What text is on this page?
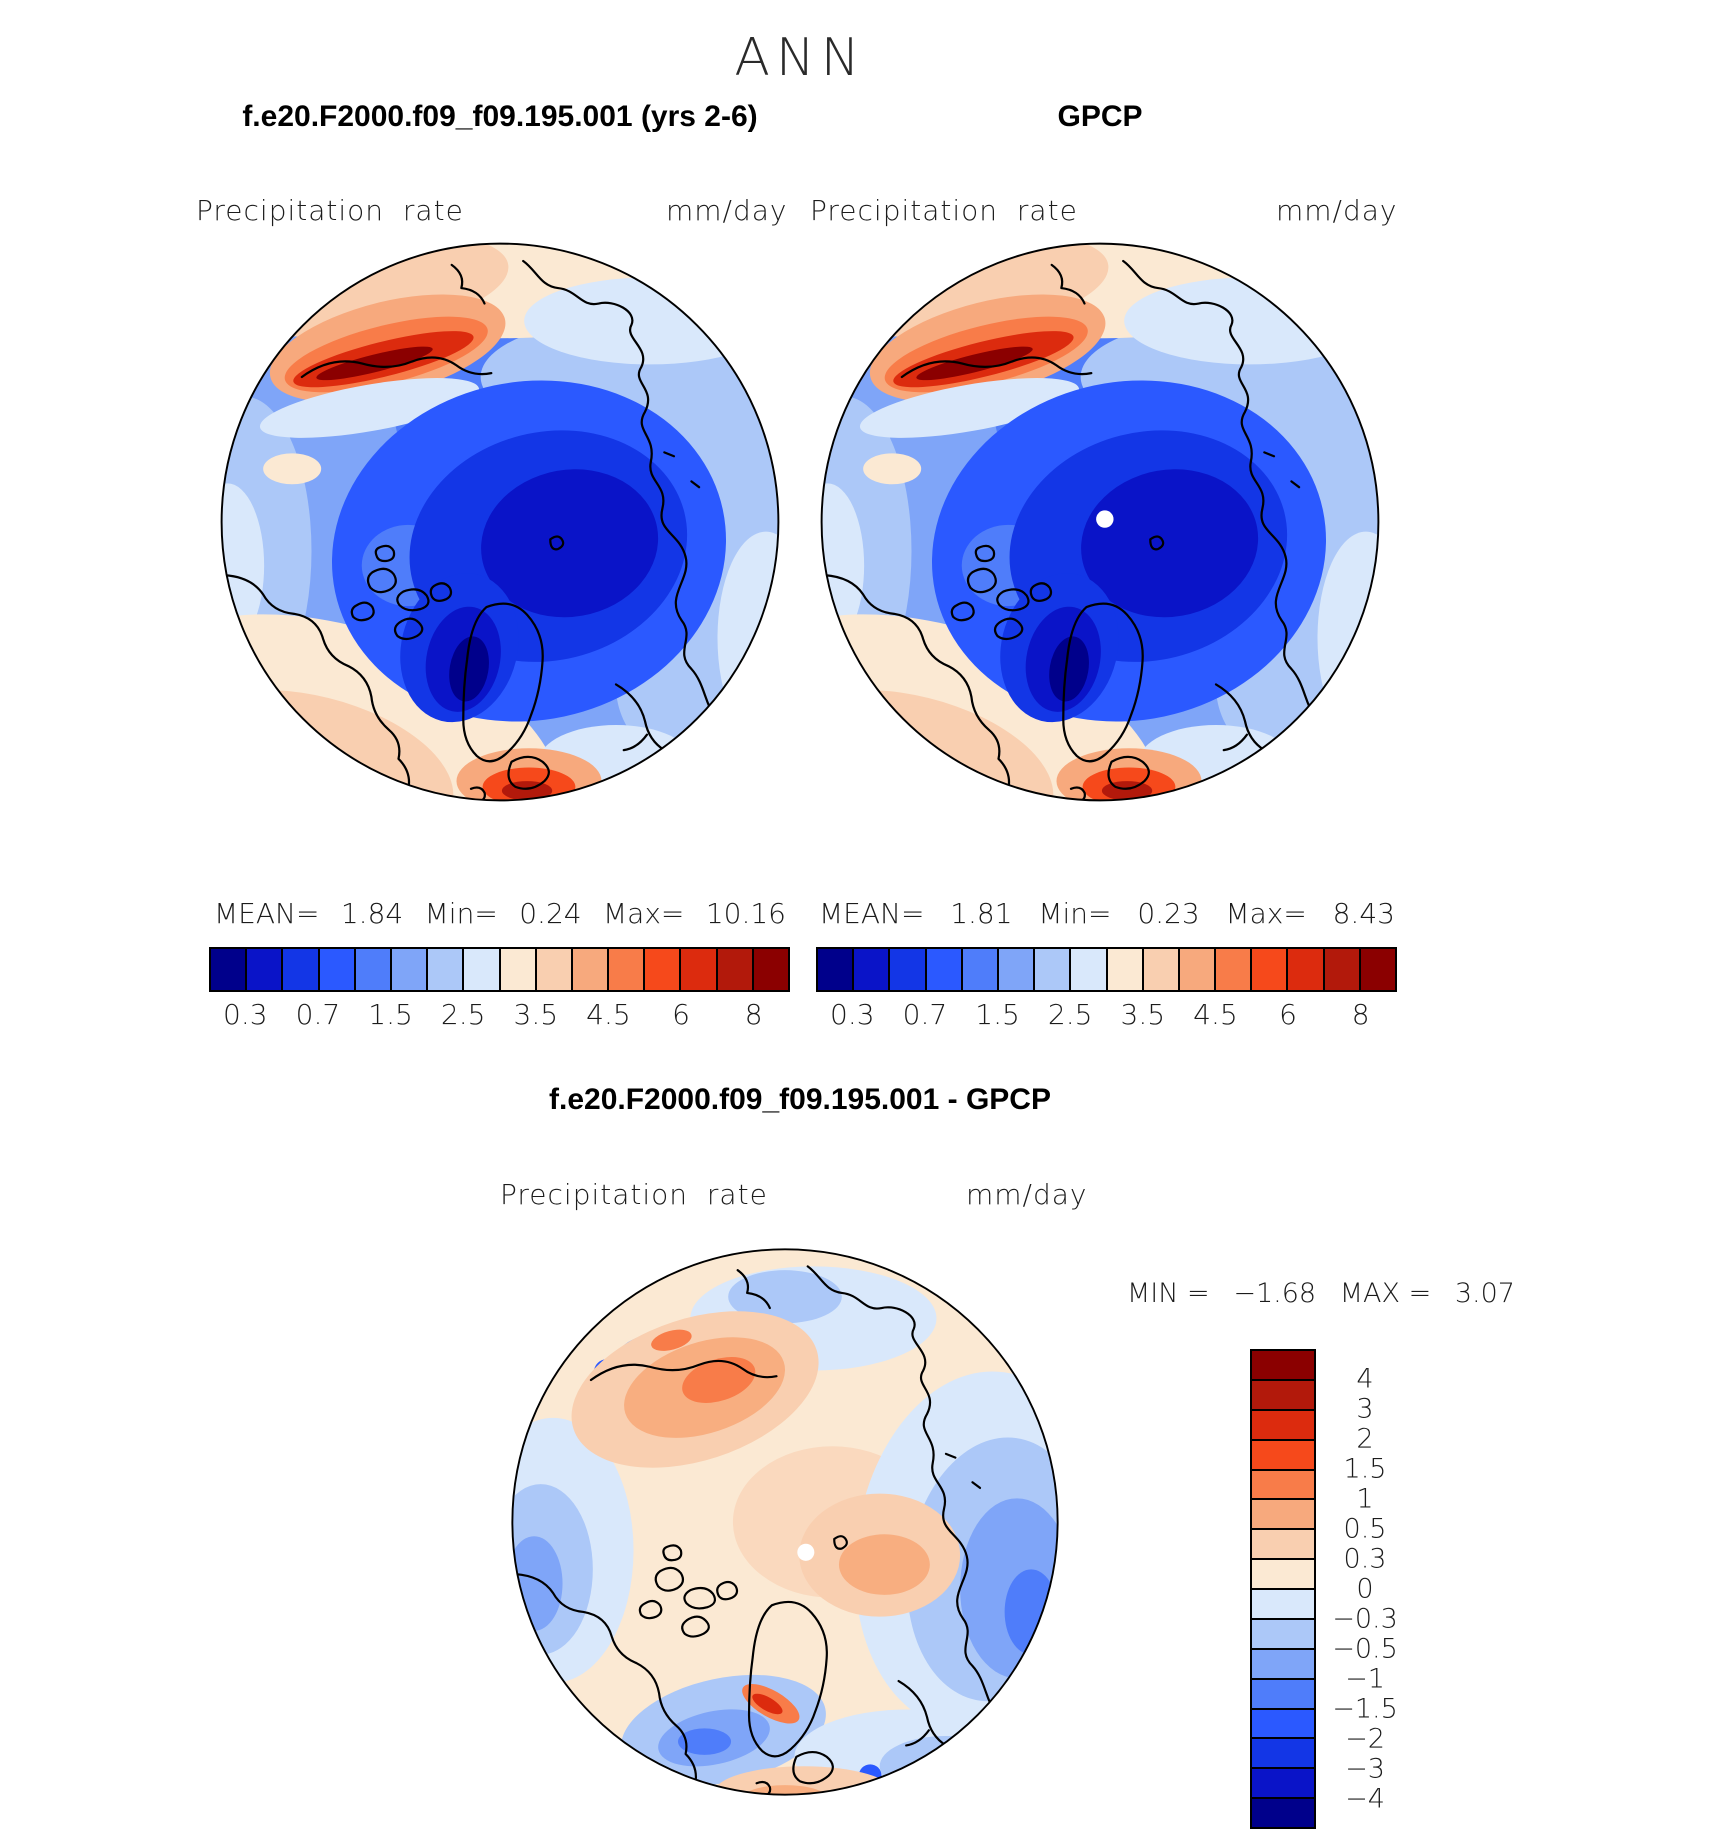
ANN
f.e20.F2000.f09_f09.195.001 (yrs 2-6)	GPCP
Precipitation rate	mm/day Precipitation rate	mm/day
MEAN= 1.84 Min= 0.24 Max= 10.16 MEAN= 1.81 Min= 0.23 Max= 8.43
0.3 0.7 1.5 2.5 3.5 4.5 6 8 0.3 0.7 1.5 2.5 3.5 4.5 6 8
f.e20.F2000.f09_f09.195.001 - GPCP
Precipitation rate	mm/day
MIN = −1.68 MAX = 3.07
4
3
2
1.5
1
0.5
0.3
0
−0.3
−0.5
−1
−1.5
−2
−3
−4
